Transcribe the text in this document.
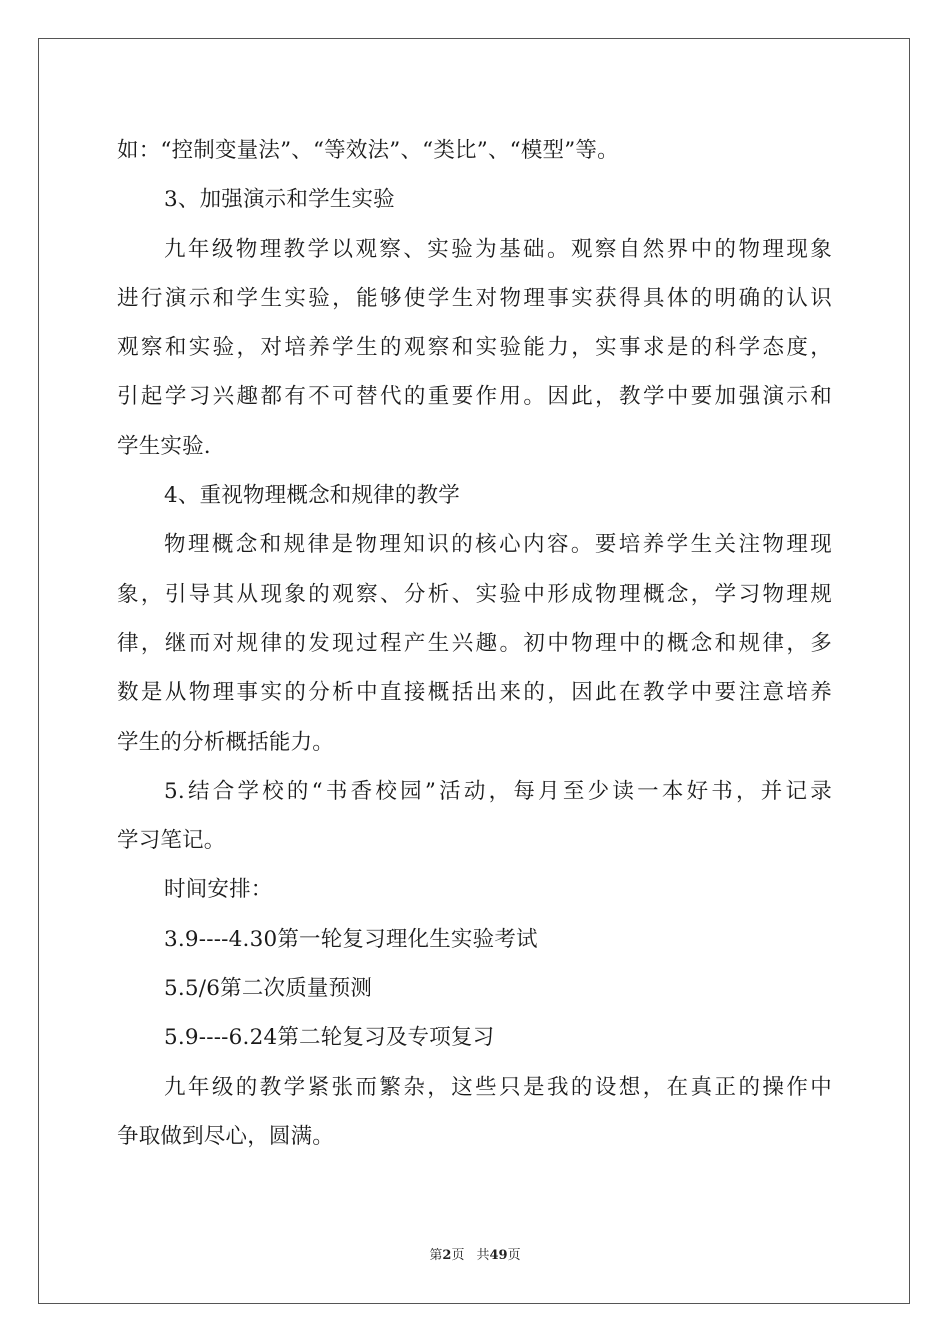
如：“控制变量法”、“等效法”、“类比”、“模型”等。
3、加强演示和学生实验
九年级物理教学以观察、实验为基础。观察自然界中的物理现象
进行演示和学生实验，能够使学生对物理事实获得具体的明确的认识
观察和实验，对培养学生的观察和实验能力，实事求是的科学态度，
引起学习兴趣都有不可替代的重要作用。因此，教学中要加强演示和
学生实验.
4、重视物理概念和规律的教学
物理概念和规律是物理知识的核心内容。要培养学生关注物理现
象，引导其从现象的观察、分析、实验中形成物理概念，学习物理规
律，继而对规律的发现过程产生兴趣。初中物理中的概念和规律，多
数是从物理事实的分析中直接概括出来的，因此在教学中要注意培养
学生的分析概括能力。
5.结合学校的“书香校园”活动，每月至少读一本好书，并记录
学习笔记。
时间安排：
3.9----4.30第一轮复习理化生实验考试
5.5/6第二次质量预测
5.9----6.24第二轮复习及专项复习
九年级的教学紧张而繁杂，这些只是我的设想，在真正的操作中
争取做到尽心，圆满。
第2页 共49页
